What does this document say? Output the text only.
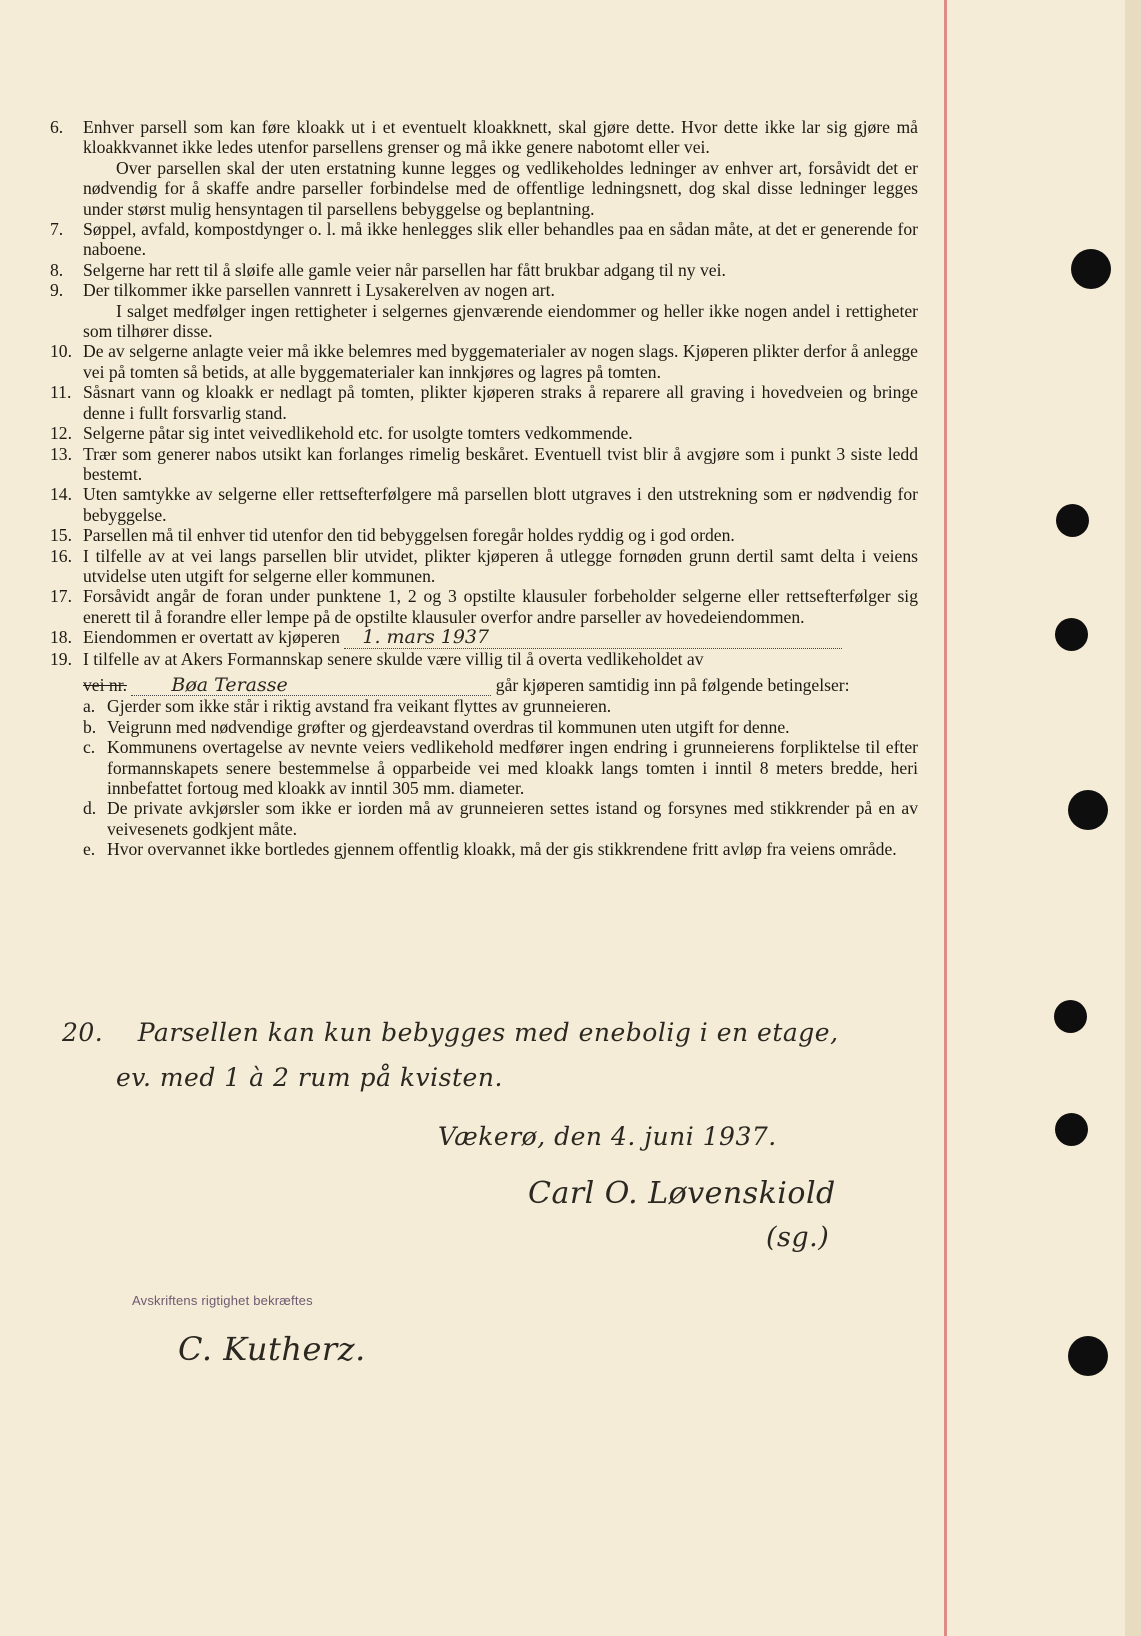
6.	Enhver parsell som kan føre kloakk ut i et eventuelt kloakknett, skal gjøre dette. Hvor dette ikke lar sig gjøre må kloakkvannet ikke ledes utenfor parsellens grenser og må ikke genere nabotomt eller vei.
Over parsellen skal der uten erstatning kunne legges og vedlikeholdes ledninger av enhver art, forsåvidt det er nødvendig for å skaffe andre parseller forbindelse med de offentlige ledningsnett, dog skal disse ledninger legges under størst mulig hensyntagen til parsellens bebyggelse og beplantning.
7.	Søppel, avfald, kompostdynger o. l. må ikke henlegges slik eller behandles paa en sådan måte, at det er generende for naboene.
8.	Selgerne har rett til å sløife alle gamle veier når parsellen har fått brukbar adgang til ny vei.
9.	Der tilkommer ikke parsellen vannrett i Lysakerelven av nogen art.
I salget medfølger ingen rettigheter i selgernes gjenværende eiendommer og heller ikke nogen andel i rettigheter som tilhører disse.
10. De av selgerne anlagte veier må ikke belemres med byggematerialer av nogen slags. Kjøperen plikter derfor å anlegge vei på tomten så betids, at alle byggematerialer kan innkjøres og lagres på tomten.
11. Såsnart vann og kloakk er nedlagt på tomten, plikter kjøperen straks å reparere all graving i hovedveien og bringe denne i fullt forsvarlig stand.
12. Selgerne påtar sig intet veivedlikehold etc. for usolgte tomters vedkommende.
13. Trær som generer nabos utsikt kan forlanges rimelig beskåret. Eventuell tvist blir å avgjøre som i punkt 3 siste ledd bestemt.
14. Uten samtykke av selgerne eller rettsefterfølgere må parsellen blott utgraves i den utstrekning som er nødvendig for bebyggelse.
15. Parsellen må til enhver tid utenfor den tid bebyggelsen foregår holdes ryddig og i god orden.
16. I tilfelle av at vei langs parsellen blir utvidet, plikter kjøperen å utlegge fornøden grunn dertil samt delta i veiens utvidelse uten utgift for selgerne eller kommunen.
17. Forsåvidt angår de foran under punktene 1, 2 og 3 opstilte klausuler forbeholder selgerne eller rettsefterfølger sig enerett til å forandre eller lempe på de opstilte klausuler overfor andre parseller av hovedeiendommen.
18. Eiendommen er overtatt av kjøperen 1. mars 1937
19. I tilfelle av at Akers Formannskap senere skulde være villig til å overta vedlikeholdet av
vei nr. Bøa Terasse	går kjøperen samtidig inn på følgende betingelser:
a. Gjerder som ikke står i riktig avstand fra veikant flyttes av grunneieren.
b. Veigrunn med nødvendige grøfter og gjerdeavstand overdras til kommunen uten utgift for denne.
c. Kommunens overtagelse av nevnte veiers vedlikehold medfører ingen endring i grunneierens forpliktelse til efter formannskapets senere bestemmelse å opparbeide vei med kloakk langs tomten i inntil 8 meters bredde, heri innbefattet fortoug med kloakk av inntil 305 mm. diameter.
d. De private avkjørsler som ikke er iorden må av grunneieren settes istand og forsynes med stikkrender på en av veivesenets godkjent måte.
e. Hvor overvannet ikke bortledes gjennem offentlig kloakk, må der gis stikkrendene fritt avløp fra veiens område.
20. Parsellen kan kun bebygges med enebolig i en etage,
ev. med 1 à 2 rum på kvisten.
Vækerø, den 4. juni 1937.
Carl O. Løvenskiold
(sg.)
Avskriftens rigtighet bekræftes
C. Kutherz.
